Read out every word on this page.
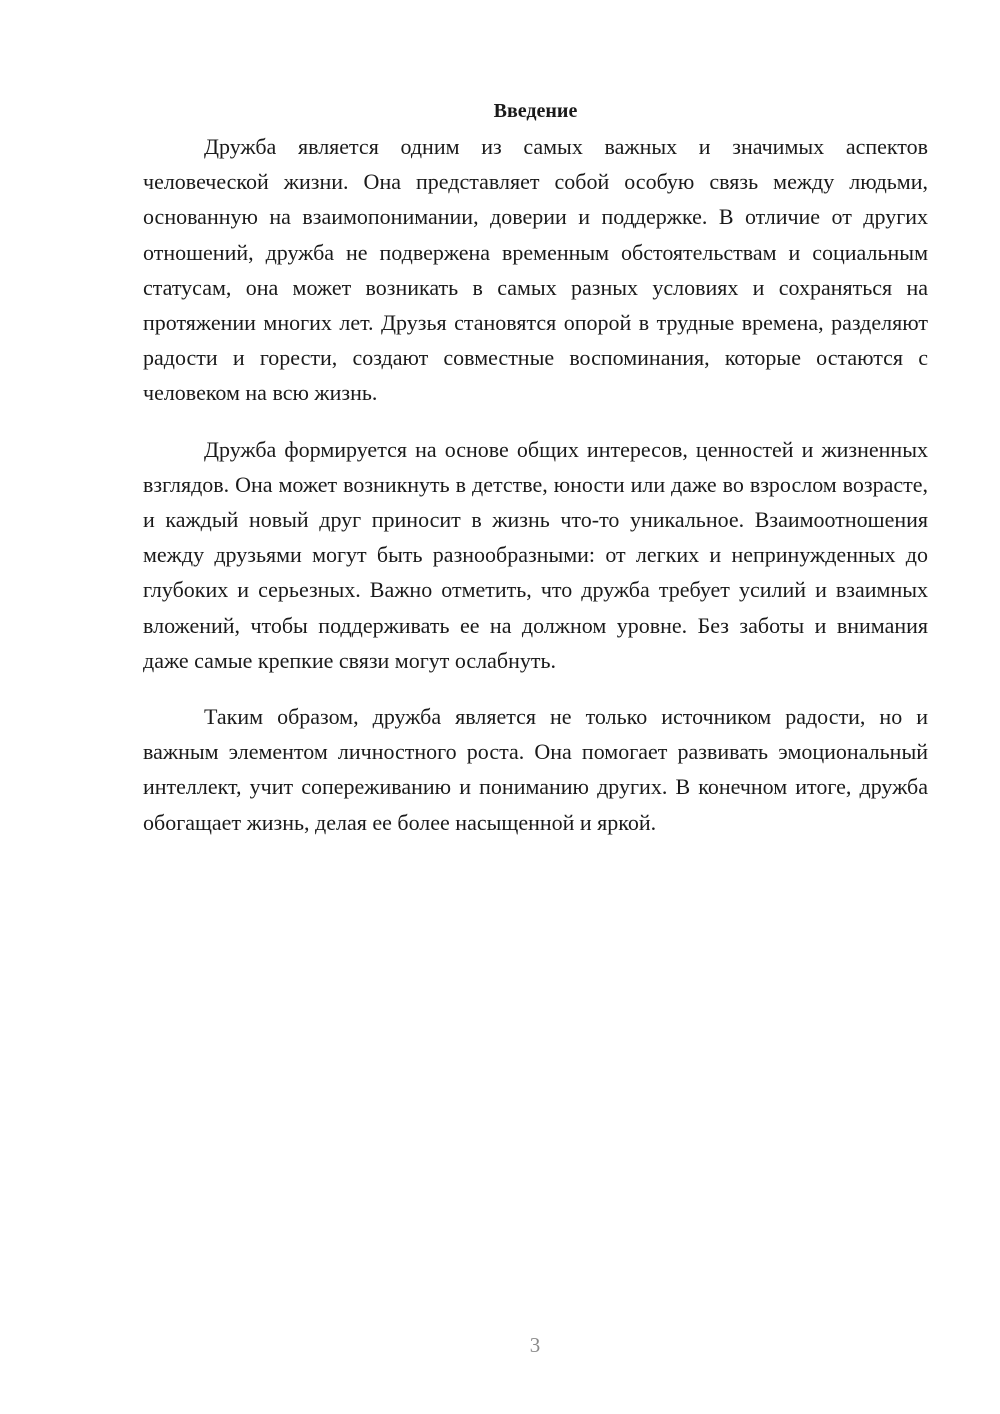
Введение

Дружба является одним из самых важных и значимых аспектов человеческой жизни. Она представляет собой особую связь между людьми, основанную на взаимопонимании, доверии и поддержке. В отличие от других отношений, дружба не подвержена временным обстоятельствам и социальным статусам, она может возникать в самых разных условиях и сохраняться на протяжении многих лет. Друзья становятся опорой в трудные времена, разделяют радости и горести, создают совместные воспоминания, которые остаются с человеком на всю жизнь.

Дружба формируется на основе общих интересов, ценностей и жизненных взглядов. Она может возникнуть в детстве, юности или даже во взрослом возрасте, и каждый новый друг приносит в жизнь что-то уникальное. Взаимоотношения между друзьями могут быть разнообразными: от легких и непринужденных до глубоких и серьезных. Важно отметить, что дружба требует усилий и взаимных вложений, чтобы поддерживать ее на должном уровне. Без заботы и внимания даже самые крепкие связи могут ослабнуть.

Таким образом, дружба является не только источником радости, но и важным элементом личностного роста. Она помогает развивать эмоциональный интеллект, учит сопереживанию и пониманию других. В конечном итоге, дружба обогащает жизнь, делая ее более насыщенной и яркой.

3
